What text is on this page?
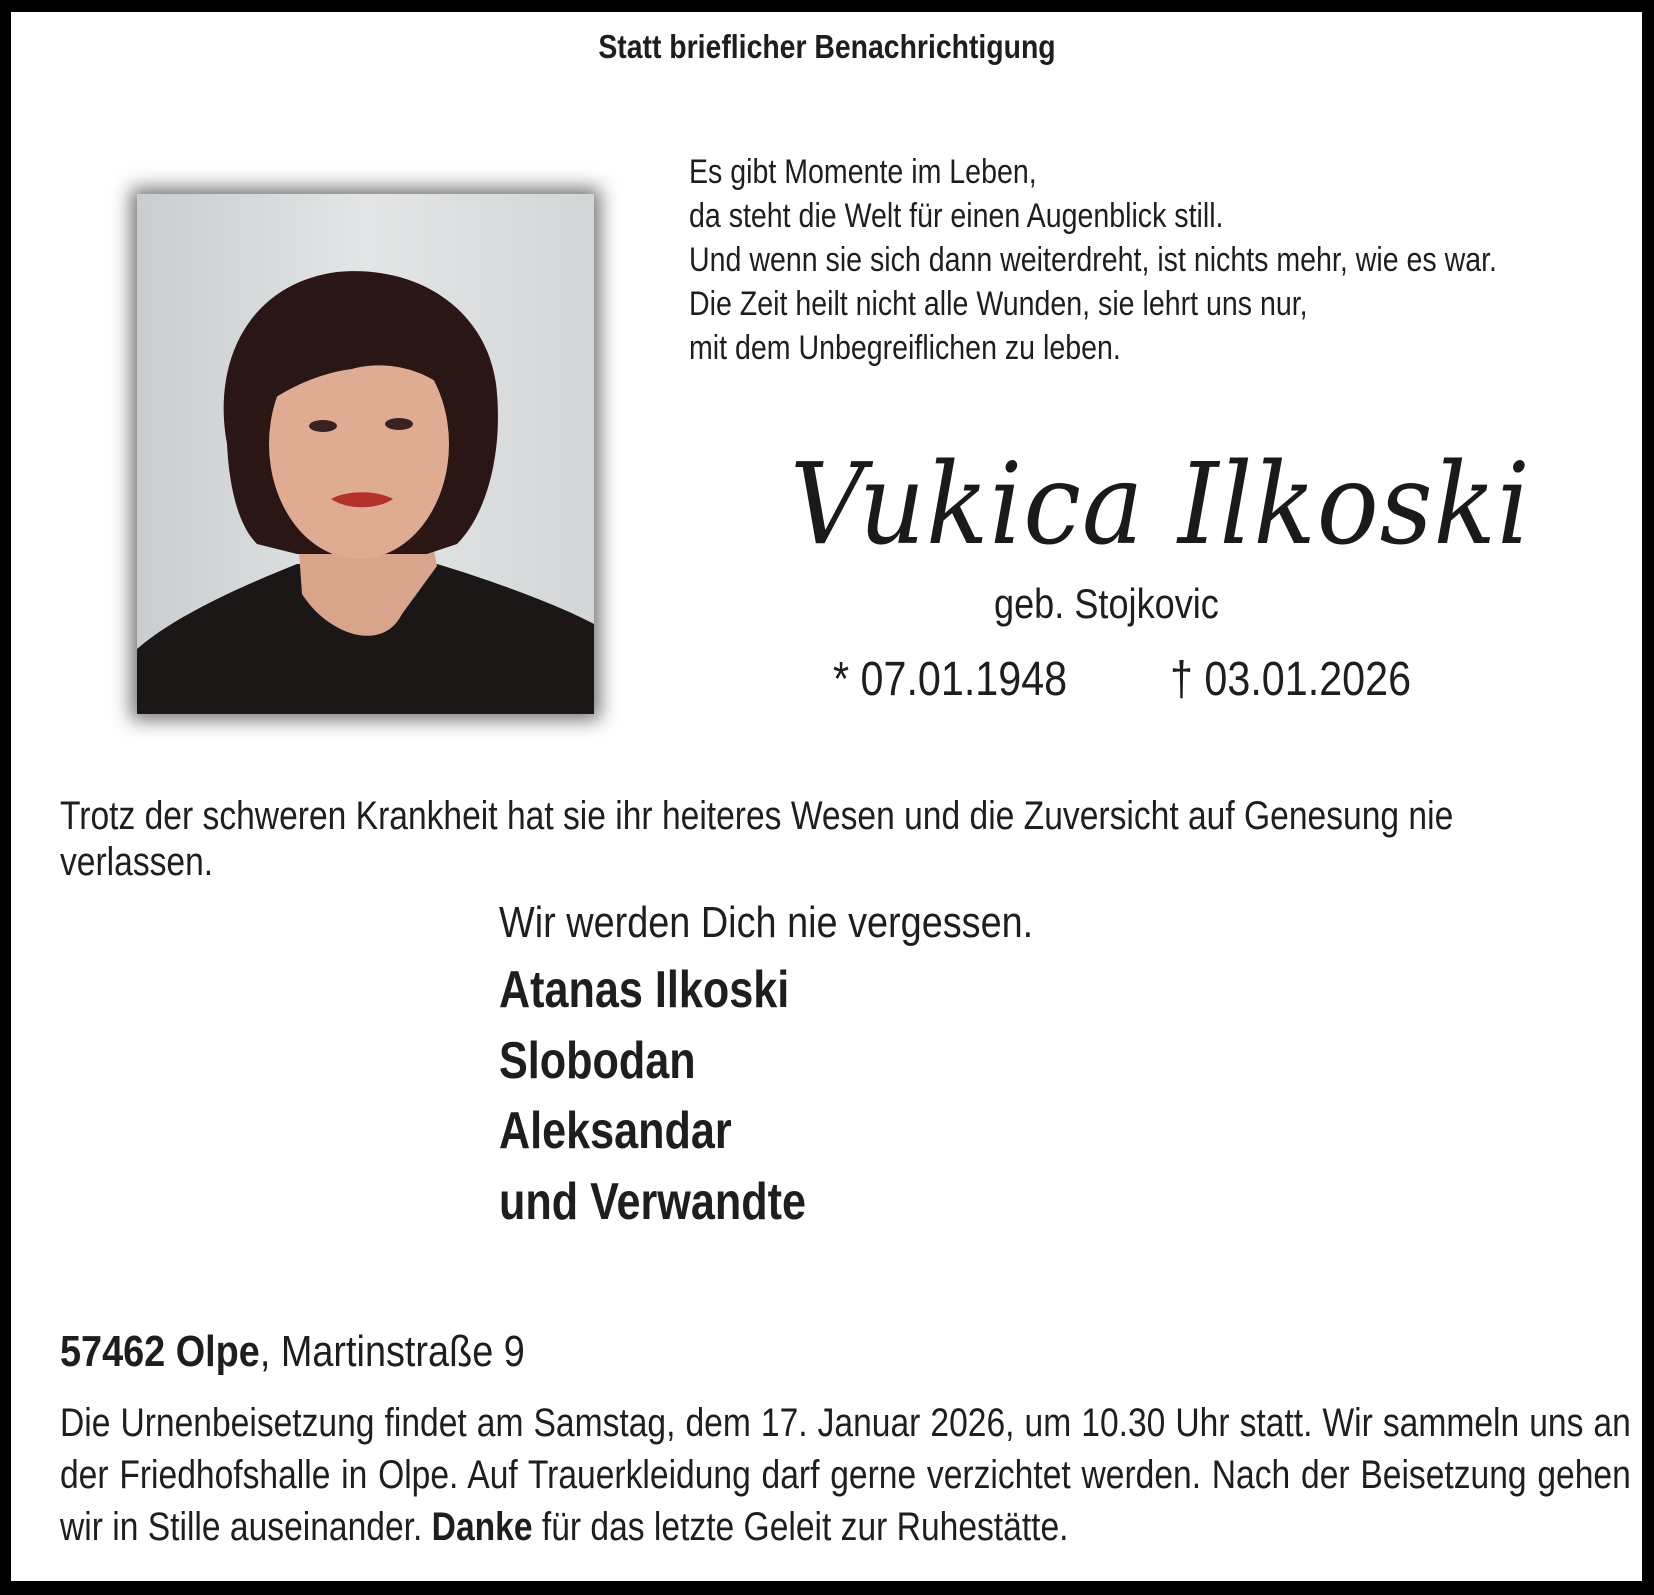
Statt brieflicher Benachrichtigung
Es gibt Momente im Leben,
da steht die Welt für einen Augenblick still.
Und wenn sie sich dann weiterdreht, ist nichts mehr, wie es war.
Die Zeit heilt nicht alle Wunden, sie lehrt uns nur,
mit dem Unbegreiflichen zu leben.
Vukica Ilkoski
geb. Stojkovic
* 07.01.1948 † 03.01.2026
Trotz der schweren Krankheit hat sie ihr heiteres Wesen und die Zuversicht auf Genesung nie verlassen.
Wir werden Dich nie vergessen.
Atanas Ilkoski
Slobodan
Aleksandar
und Verwandte
57462 Olpe, Martinstraße 9
Die Urnenbeisetzung findet am Samstag, dem 17. Januar 2026, um 10.30 Uhr statt. Wir sammeln uns an der Friedhofshalle in Olpe. Auf Trauerkleidung darf gerne verzichtet werden. Nach der Beisetzung gehen wir in Stille auseinander. Danke für das letzte Geleit zur Ruhestätte.
